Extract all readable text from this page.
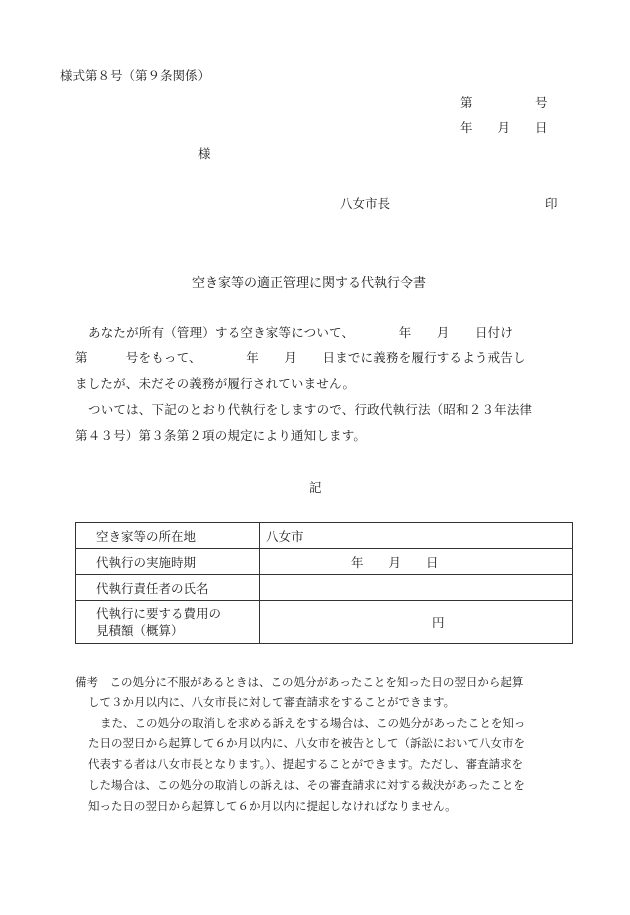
様式第８号（第９条関係）
第　　　　　号
年　　月　　日
様
八女市長	印
空き家等の適正管理に関する代執行令書
あなたが所有（管理）する空き家等について、　　　　年　　月　　日付け
第　　　号をもって、　　　　年　　月　　日までに義務を履行するよう戒告し
ましたが、未だその義務が履行されていません。
ついては、下記のとおり代執行をしますので、行政代執行法（昭和２３年法律
第４３号）第３条第２項の規定により通知します。
記
空き家等の所在地	八女市
代執行の実施時期	年　　月　　日
代執行責任者の氏名	

代執行に要する費用の
見積額（概算）	円
備考　この処分に不服があるときは、この処分があったことを知った日の翌日から起算
して３か月以内に、八女市長に対して審査請求をすることができます。
また、この処分の取消しを求める訴えをする場合は、この処分があったことを知っ
た日の翌日から起算して６か月以内に、八女市を被告として（訴訟において八女市を
代表する者は八女市長となります。）、提起することができます。ただし、審査請求を
した場合は、この処分の取消しの訴えは、その審査請求に対する裁決があったことを
知った日の翌日から起算して６か月以内に提起しなければなりません。
